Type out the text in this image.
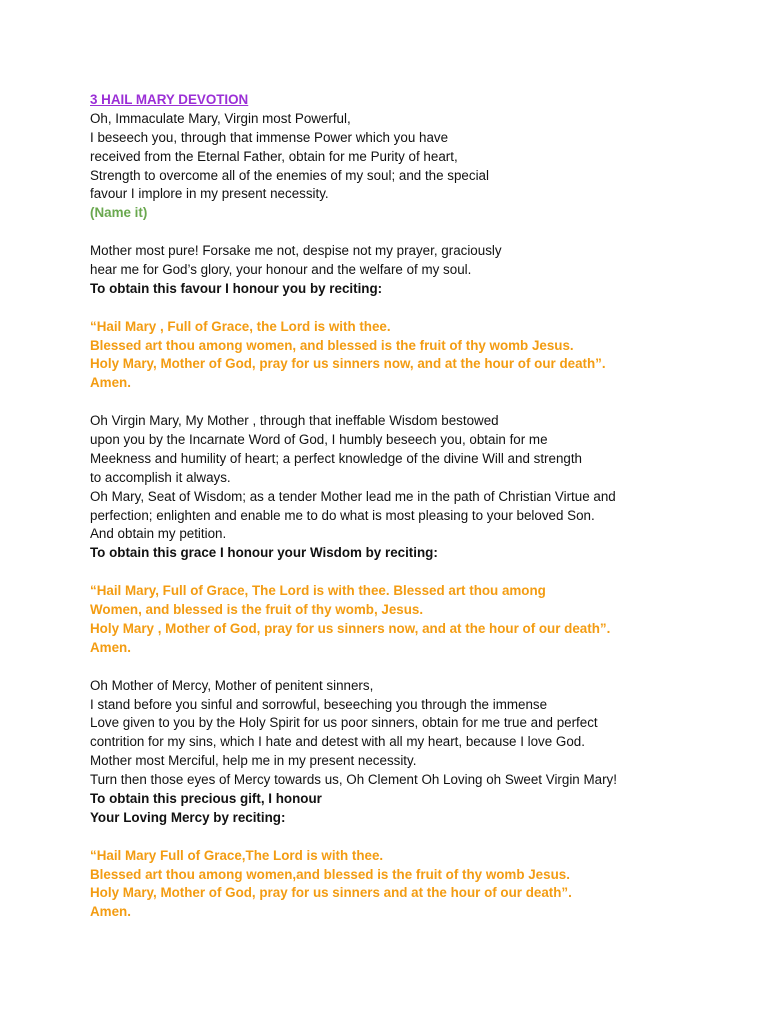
3 HAIL MARY DEVOTION
Oh, Immaculate Mary, Virgin most Powerful,
I beseech you, through that immense Power which you have
received from the Eternal Father, obtain for me Purity of heart,
Strength to overcome all of the enemies of my soul; and the special
favour I implore in my present necessity.
(Name it)
Mother most pure! Forsake me not, despise not my prayer, graciously
hear me for God’s glory, your honour and the welfare of my soul.
To obtain this favour I honour you by reciting:
“Hail Mary , Full of Grace, the Lord is with thee.
Blessed art thou among women, and blessed is the fruit of thy womb Jesus.
Holy Mary, Mother of God, pray for us sinners now, and at the hour of our death”.
Amen.
Oh Virgin Mary, My Mother , through that ineffable Wisdom bestowed
upon you by the Incarnate Word of God, I humbly beseech you, obtain for me
Meekness and humility of heart; a perfect knowledge of the divine Will and strength
to accomplish it always.
Oh Mary, Seat of Wisdom; as a tender Mother lead me in the path of Christian Virtue and
perfection; enlighten and enable me to do what is most pleasing to your beloved Son.
And obtain my petition.
To obtain this grace I honour your Wisdom by reciting:
“Hail Mary, Full of Grace, The Lord is with thee. Blessed art thou among
Women, and blessed is the fruit of thy womb, Jesus.
Holy Mary , Mother of God, pray for us sinners now, and at the hour of our death”.
Amen.
Oh Mother of Mercy, Mother of penitent sinners,
I stand before you sinful and sorrowful, beseeching you through the immense
Love given to you by the Holy Spirit for us poor sinners, obtain for me true and perfect
contrition for my sins, which I hate and detest with all my heart, because I love God.
Mother most Merciful, help me in my present necessity.
Turn then those eyes of Mercy towards us, Oh Clement Oh Loving oh Sweet Virgin Mary!
To obtain this precious gift, I honour
Your Loving Mercy by reciting:
“Hail Mary Full of Grace,The Lord is with thee.
Blessed art thou among women,and blessed is the fruit of thy womb Jesus.
Holy Mary, Mother of God, pray for us sinners and at the hour of our death”.
Amen.
